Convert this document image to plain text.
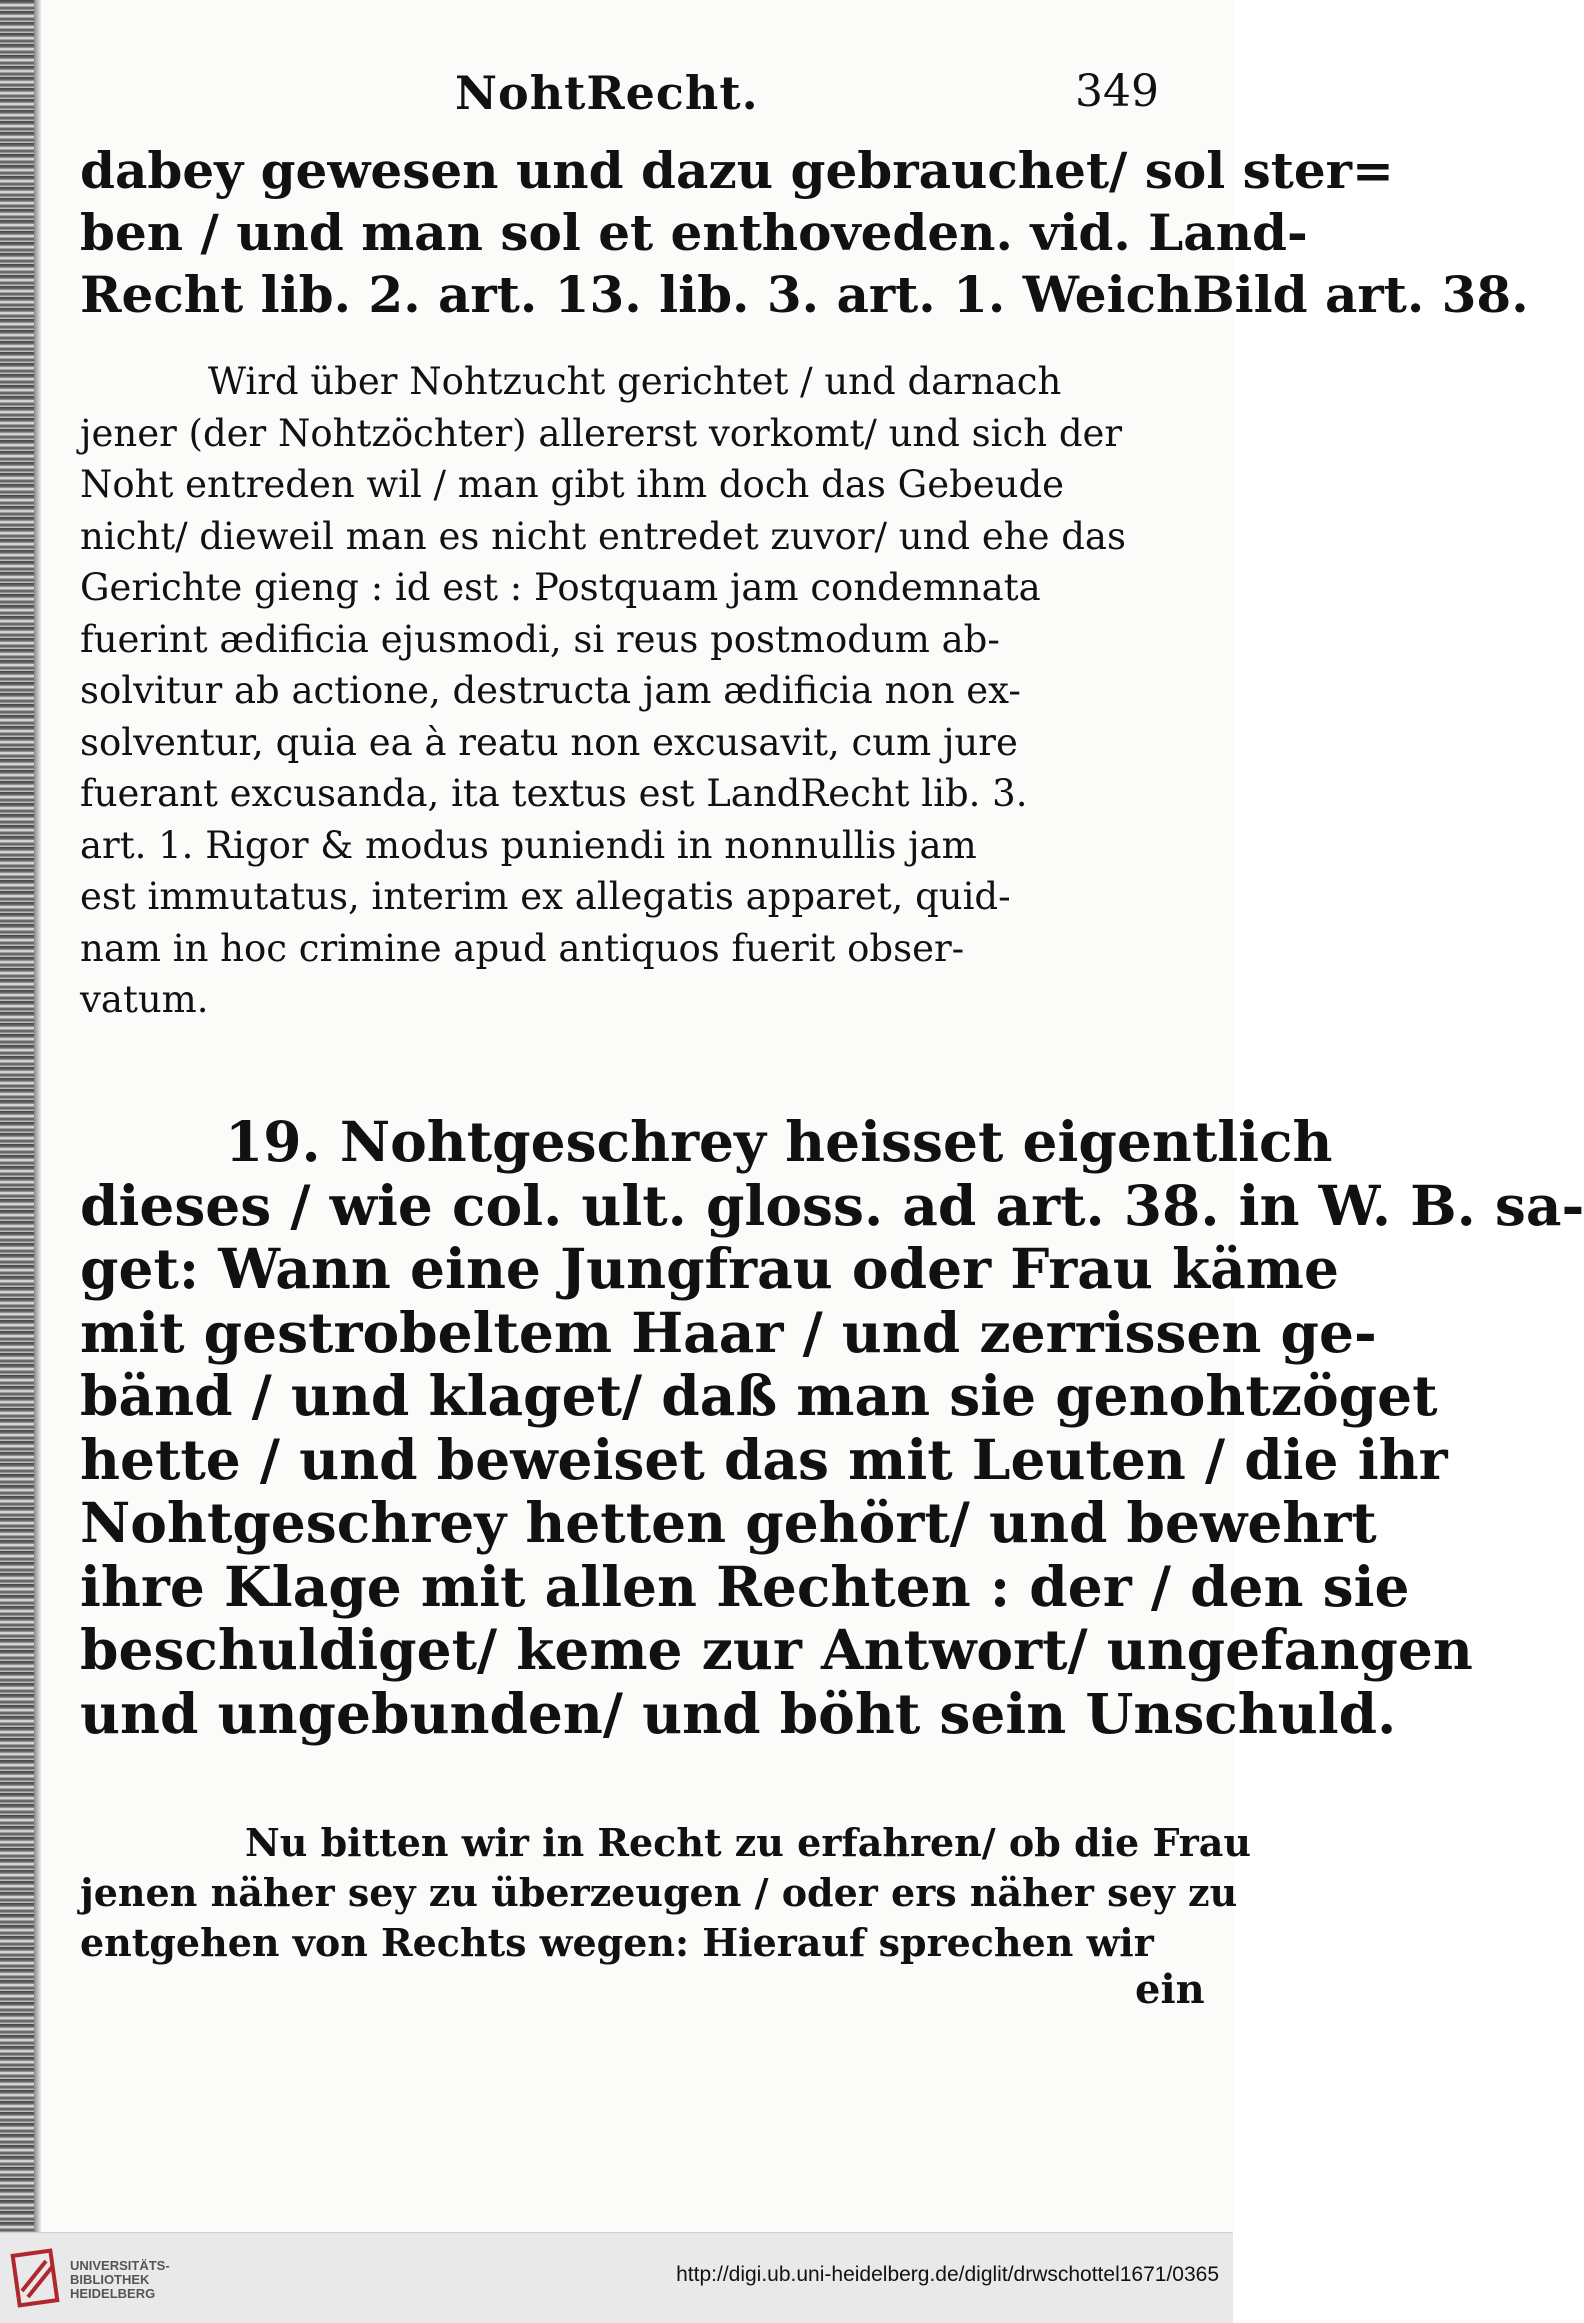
NohtRecht.	349

dabey gewesen und dazu gebrauchet/ sol ster=

ben / und man sol et enthoveden. vid. Land-

Recht lib. 2. art. 13. lib. 3. art. 1. WeichBild art. 38.

Wird über Nohtzucht gerichtet / und darnach

jener (der Nohtzöchter) allererst vorkomt/ und sich der

Noht entreden wil / man gibt ihm doch das Gebeude

nicht/ dieweil man es nicht entredet zuvor/ und ehe das

Gerichte gieng : id est : Postquam jam condemnata

fuerint ædificia ejusmodi, si reus postmodum ab-

solvitur ab actione, destructa jam ædificia non ex-

solventur, quia ea à reatu non excusavit, cum jure

fuerant excusanda, ita textus est LandRecht lib. 3.

art. 1. Rigor & modus puniendi in nonnullis jam

est immutatus, interim ex allegatis apparet, quid-

nam in hoc crimine apud antiquos fuerit obser-

vatum.

19. Nohtgeschrey heisset eigentlich

dieses / wie col. ult. gloss. ad art. 38. in W. B. sa-

get: Wann eine Jungfrau oder Frau käme

mit gestrobeltem Haar / und zerrissen ge-

bänd / und klaget/ daß man sie genohtzöget

hette / und beweiset das mit Leuten / die ihr

Nohtgeschrey hetten gehört/ und bewehrt

ihre Klage mit allen Rechten : der / den sie

beschuldiget/ keme zur Antwort/ ungefangen

und ungebunden/ und böht sein Unschuld.

Nu bitten wir in Recht zu erfahren/ ob die Frau

jenen näher sey zu überzeugen / oder ers näher sey zu

entgehen von Rechts wegen: Hierauf sprechen wir

ein
UNIVERSITÄTS-
BIBLIOTHEK
HEIDELBERG
http://digi.ub.uni-heidelberg.de/diglit/drwschottel1671/0365
